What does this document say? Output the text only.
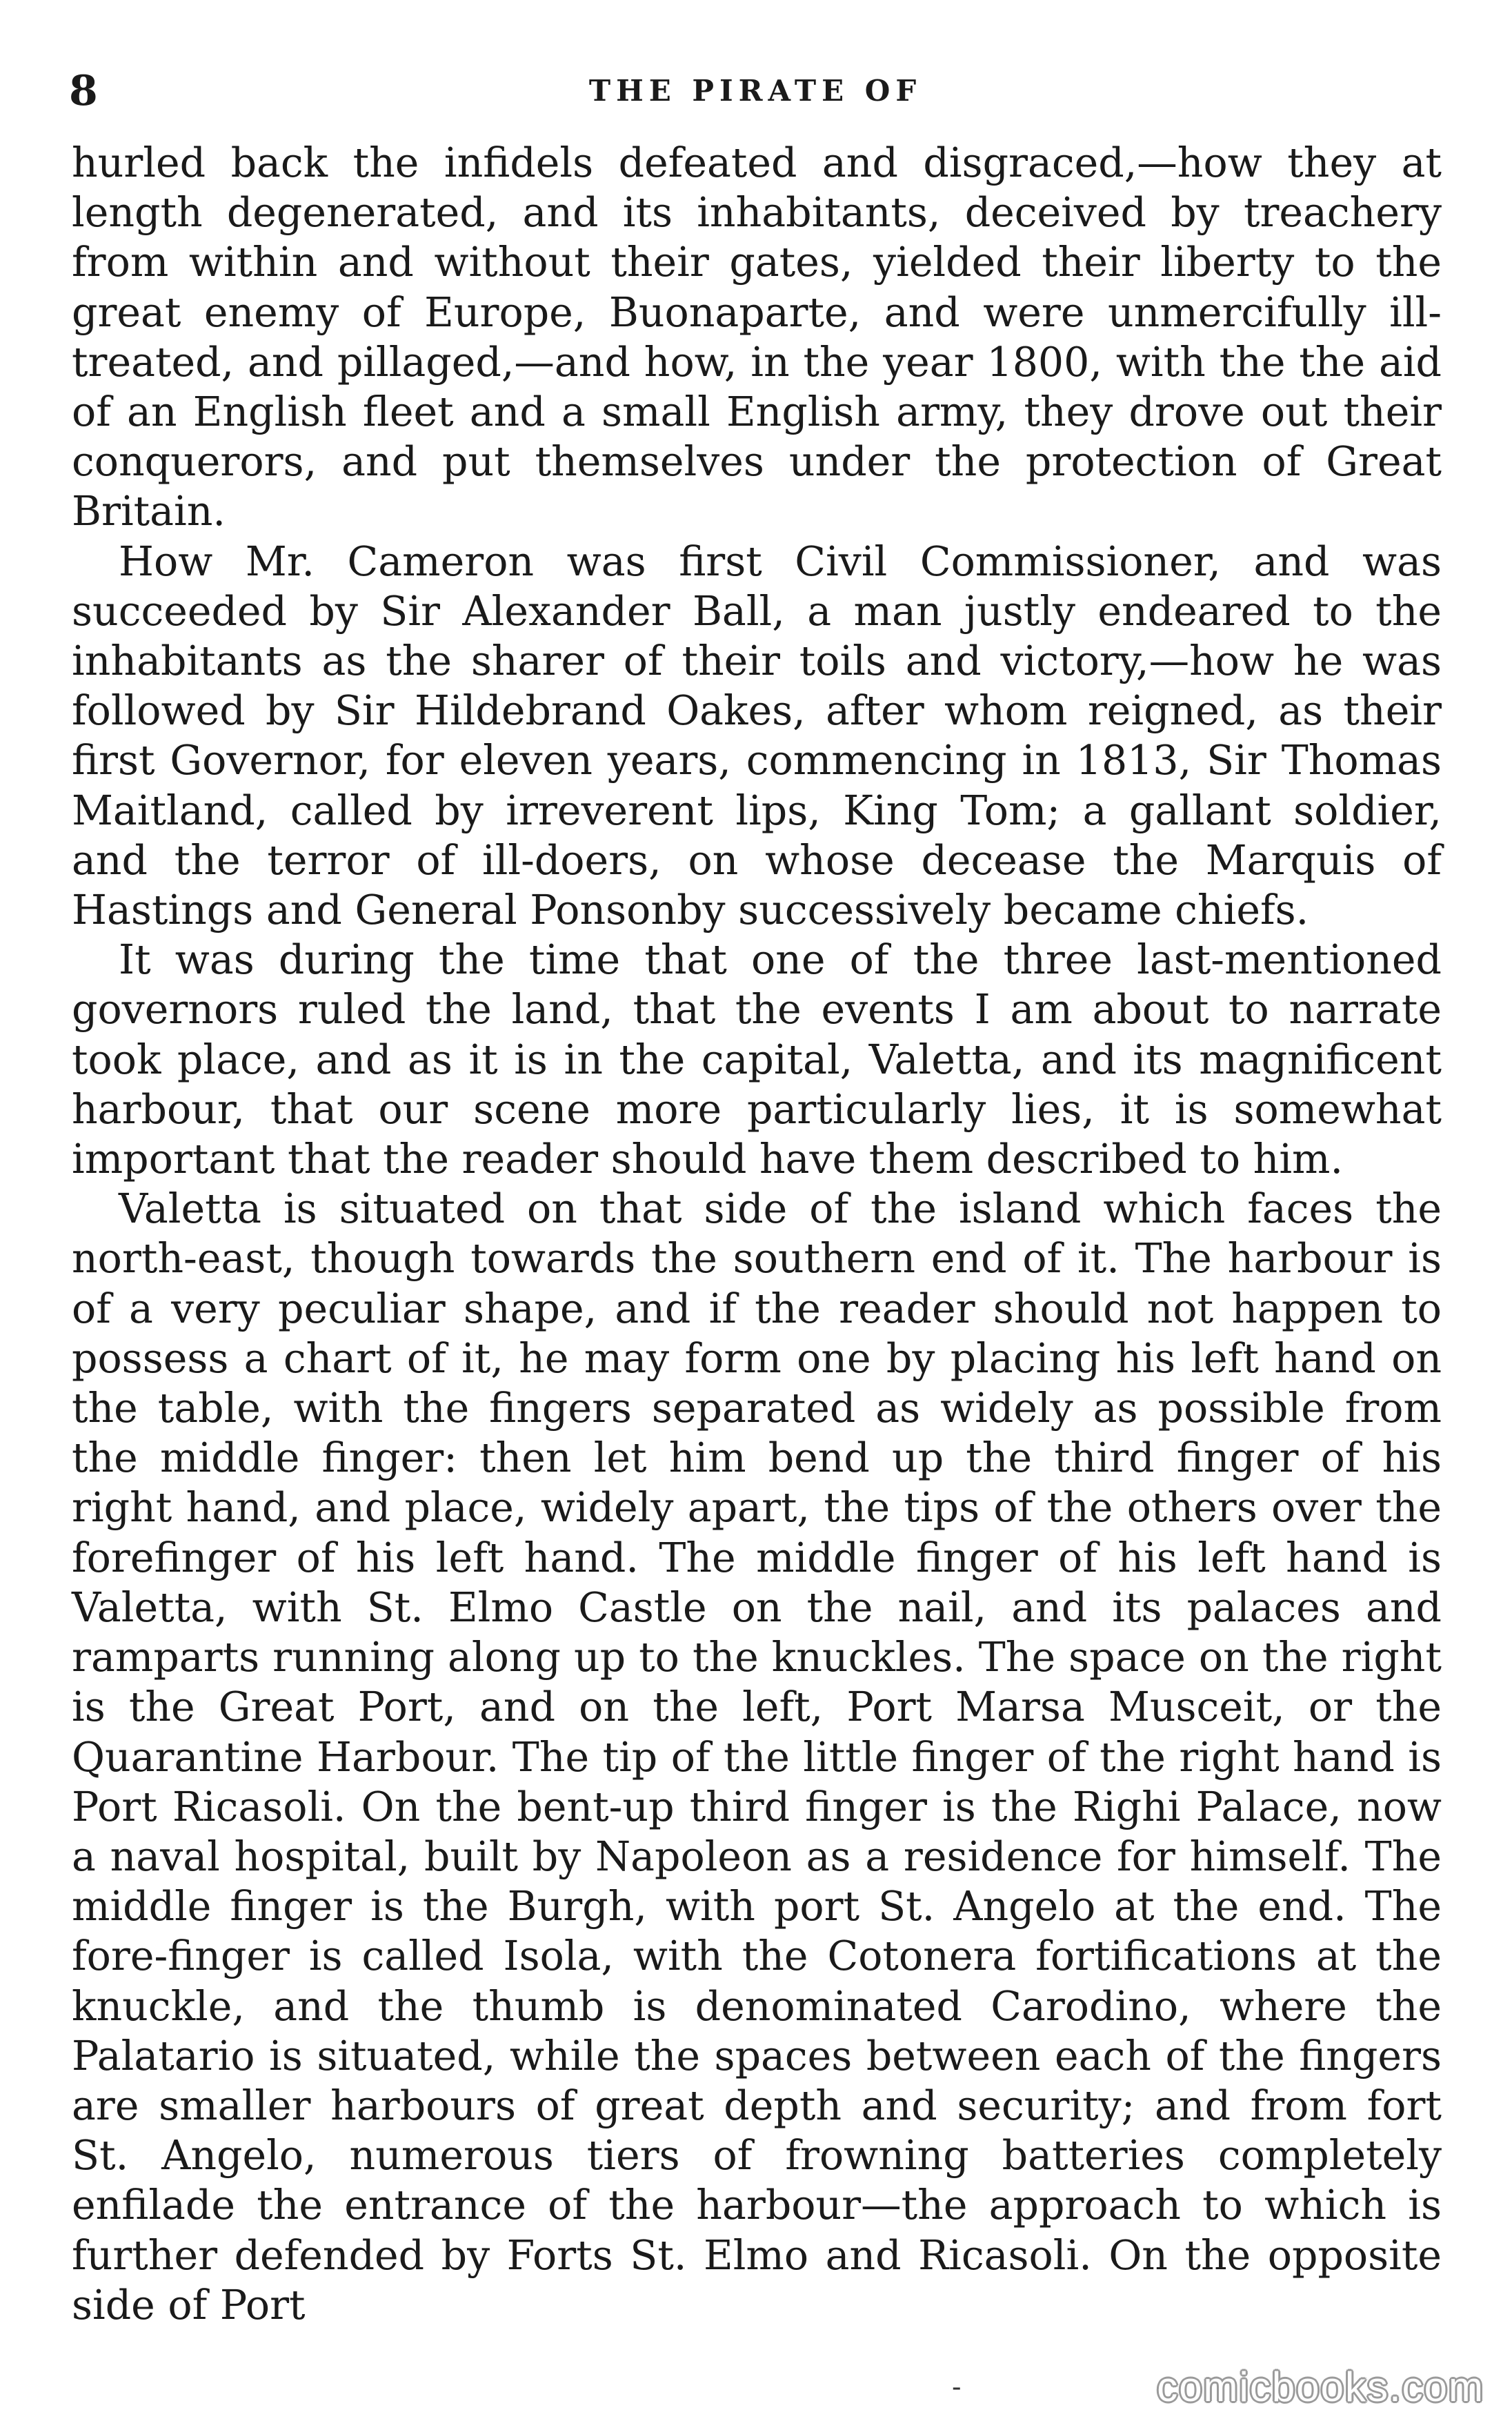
8	THE PIRATE OF

hurled back the infidels defeated and disgraced,—how they at length degenerated, and its inhabitants, deceived by treachery from within and without their gates, yielded their liberty to the great enemy of Europe, Buonaparte, and were unmercifully ill-treated, and pillaged,—and how, in the year 1800, with the the aid of an English fleet and a small English army, they drove out their conquerors, and put themselves under the protection of Great Britain.

How Mr. Cameron was first Civil Commissioner, and was succeeded by Sir Alexander Ball, a man justly endeared to the inhabitants as the sharer of their toils and victory,—how he was followed by Sir Hildebrand Oakes, after whom reigned, as their first Governor, for eleven years, commencing in 1813, Sir Thomas Maitland, called by irreverent lips, King Tom; a gallant soldier, and the terror of ill-doers, on whose decease the Marquis of Hastings and General Ponsonby successively became chiefs.

It was during the time that one of the three last-mentioned governors ruled the land, that the events I am about to narrate took place, and as it is in the capital, Valetta, and its magnificent harbour, that our scene more particularly lies, it is somewhat important that the reader should have them described to him.

Valetta is situated on that side of the island which faces the north-east, though towards the southern end of it. The harbour is of a very peculiar shape, and if the reader should not happen to possess a chart of it, he may form one by placing his left hand on the table, with the fingers separated as widely as possible from the middle finger: then let him bend up the third finger of his right hand, and place, widely apart, the tips of the others over the forefinger of his left hand. The middle finger of his left hand is Valetta, with St. Elmo Castle on the nail, and its palaces and ramparts running along up to the knuckles. The space on the right is the Great Port, and on the left, Port Marsa Musceit, or the Quarantine Harbour. The tip of the little finger of the right hand is Port Ricasoli. On the bent-up third finger is the Righi Palace, now a naval hospital, built by Napoleon as a residence for himself. The middle finger is the Burgh, with port St. Angelo at the end. The fore-finger is called Isola, with the Cotonera fortifications at the knuckle, and the thumb is denominated Carodino, where the Palatario is situated, while the spaces between each of the fingers are smaller harbours of great depth and security; and from fort St. Angelo, numerous tiers of frowning batteries completely enfilade the entrance of the harbour—the approach to which is further defended by Forts St. Elmo and Ricasoli. On the opposite side of Port

-	comicbooks.com
